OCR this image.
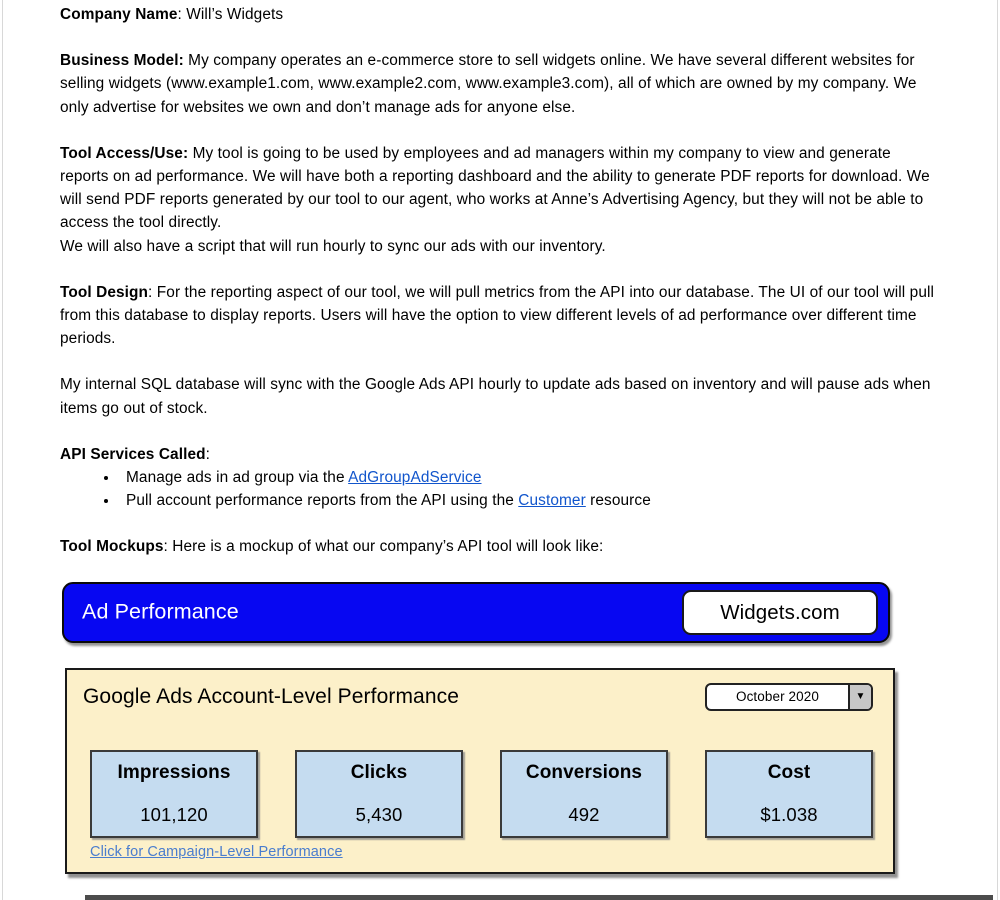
Company Name: Will’s Widgets

Business Model: My company operates an e-commerce store to sell widgets online. We have several different websites for selling widgets (www.example1.com, www.example2.com, www.example3.com), all of which are owned by my company. We only advertise for websites we own and don’t manage ads for anyone else.

Tool Access/Use: My tool is going to be used by employees and ad managers within my company to view and generate reports on ad performance. We will have both a reporting dashboard and the ability to generate PDF reports for download. We will send PDF reports generated by our tool to our agent, who works at Anne’s Advertising Agency, but they will not be able to access the tool directly.
We will also have a script that will run hourly to sync our ads with our inventory.

Tool Design: For the reporting aspect of our tool, we will pull metrics from the API into our database. The UI of our tool will pull from this database to display reports. Users will have the option to view different levels of ad performance over different time periods.

My internal SQL database will sync with the Google Ads API hourly to update ads based on inventory and will pause ads when items go out of stock.

API Services Called:

• Manage ads in ad group via the AdGroupAdService
• Pull account performance reports from the API using the Customer resource

Tool Mockups: Here is a mockup of what our company’s API tool will look like:

Ad Performance	Widgets.com
Google Ads Account-Level Performance	October 2020	▼
Impressions
101,120
Clicks
5,430
Conversions
492
Cost
$1.038
Click for Campaign-Level Performance
